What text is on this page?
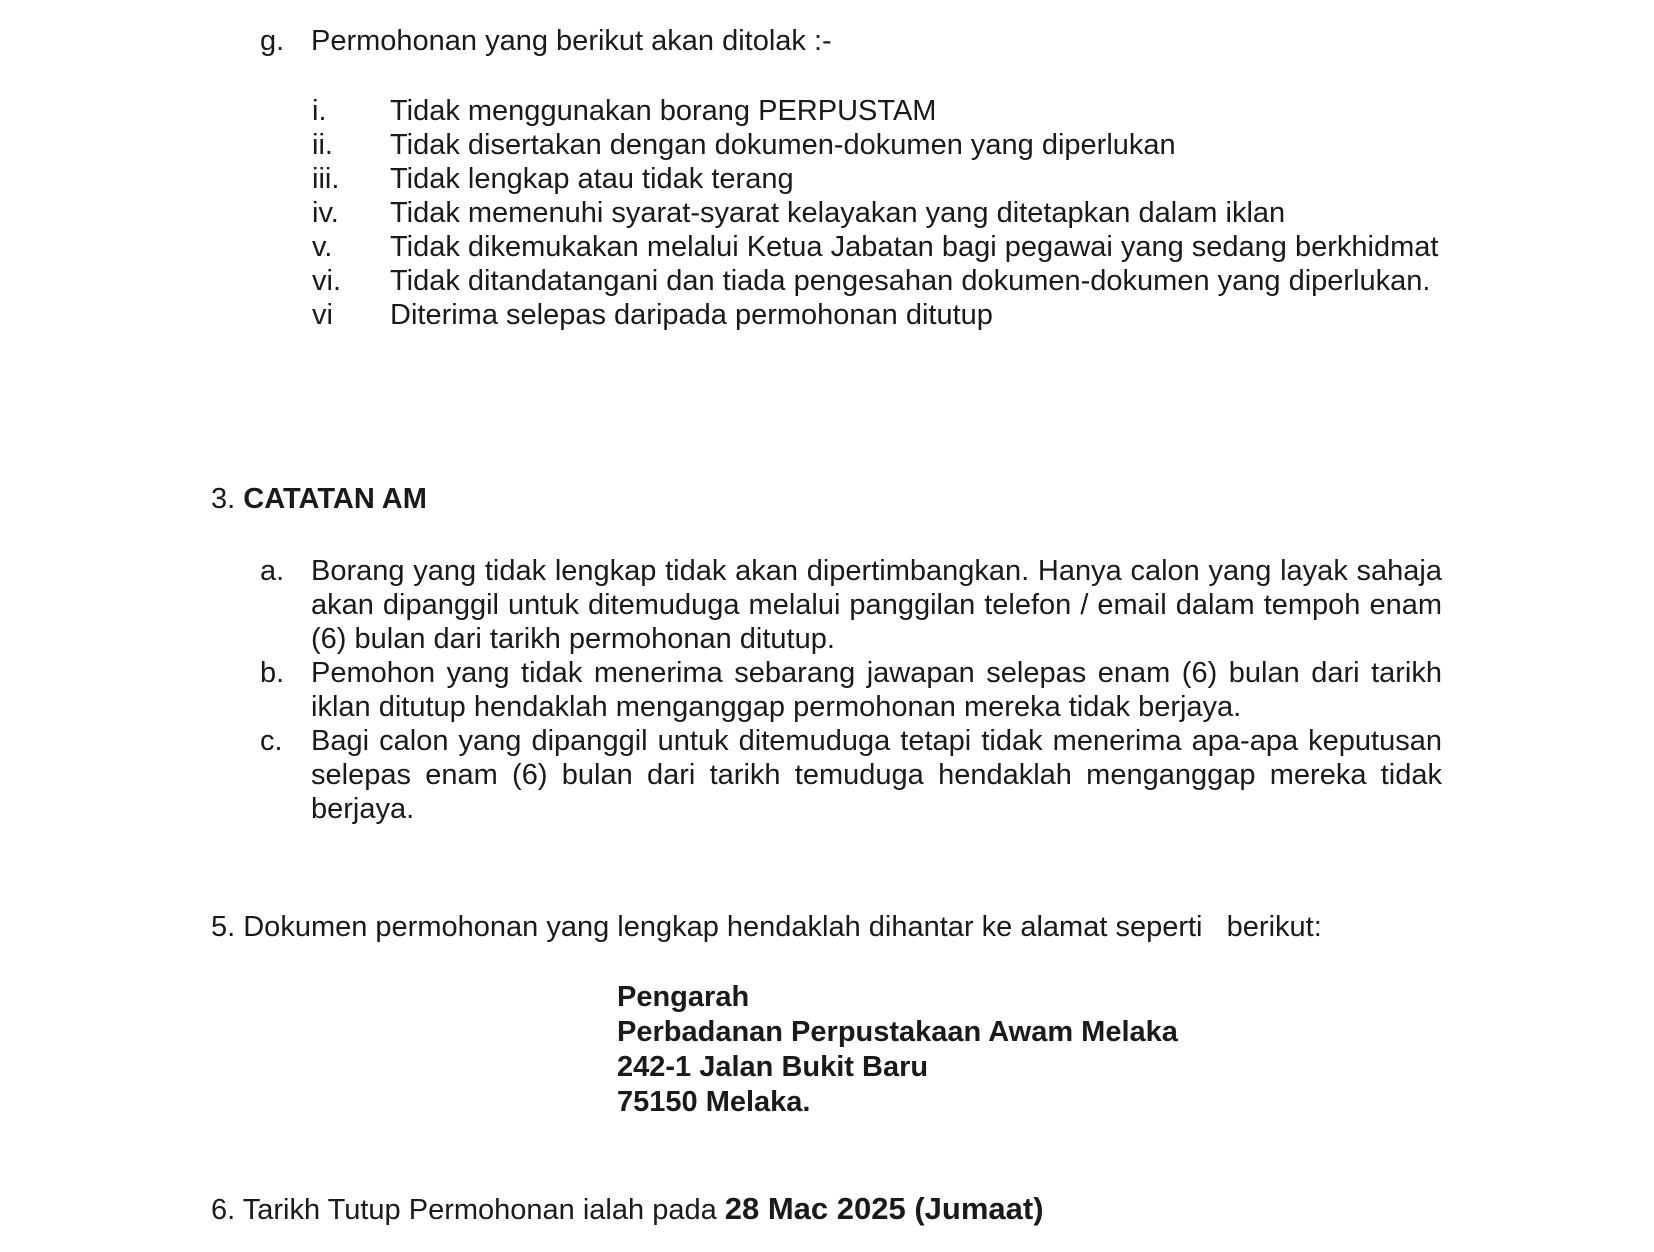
g. Permohonan yang berikut akan ditolak :-
i.	Tidak menggunakan borang PERPUSTAM
ii.	Tidak disertakan dengan dokumen-dokumen yang diperlukan
iii.	Tidak lengkap atau tidak terang
iv.	Tidak memenuhi syarat-syarat kelayakan yang ditetapkan dalam iklan
v.	Tidak dikemukakan melalui Ketua Jabatan bagi pegawai yang sedang berkhidmat
vi.	Tidak ditandatangani dan tiada pengesahan dokumen-dokumen yang diperlukan.
vi	Diterima selepas daripada permohonan ditutup
3. CATATAN AM
a. Borang yang tidak lengkap tidak akan dipertimbangkan. Hanya calon yang layak sahaja akan dipanggil untuk ditemuduga melalui panggilan telefon / email dalam tempoh enam (6) bulan dari tarikh permohonan ditutup.
b. Pemohon yang tidak menerima sebarang jawapan selepas enam (6) bulan dari tarikh iklan ditutup hendaklah menganggap permohonan mereka tidak berjaya.
c. Bagi calon yang dipanggil untuk ditemuduga tetapi tidak menerima apa-apa keputusan selepas enam (6) bulan dari tarikh temuduga hendaklah menganggap mereka tidak berjaya.
5. Dokumen permohonan yang lengkap hendaklah dihantar ke alamat seperti   berikut:
Pengarah
Perbadanan Perpustakaan Awam Melaka
242-1 Jalan Bukit Baru
75150 Melaka.
6. Tarikh Tutup Permohonan ialah pada 28 Mac 2025 (Jumaat)
